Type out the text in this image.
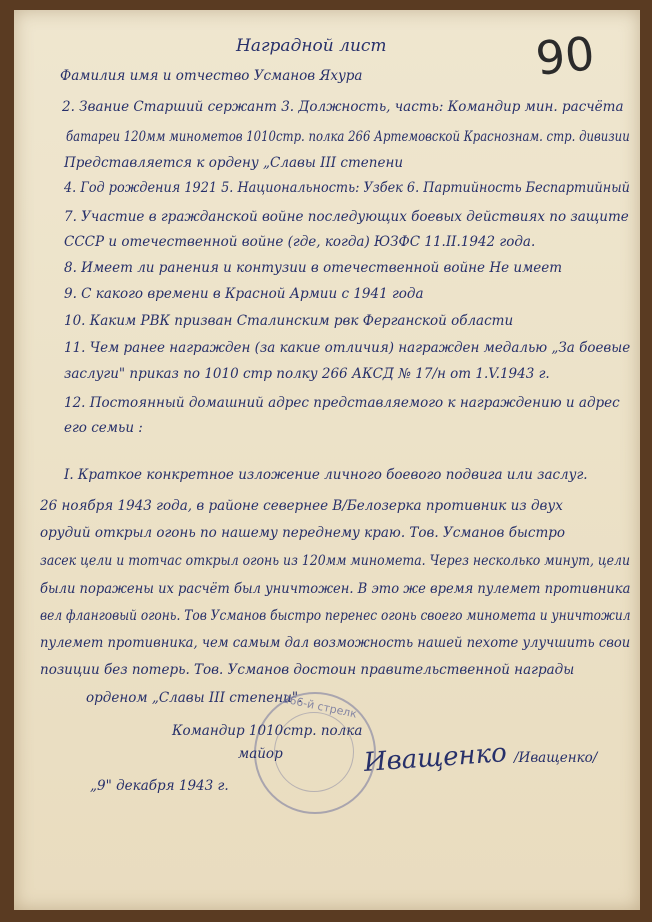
90
Наградной лист
Фамилия имя и отчество Усманов Яхура
2. Звание Старший сержант 3. Должность, часть: Командир мин. расчёта
батареи 120мм минометов 1010стр. полка 266 Артемовской Краснознам. стр. дивизии
Представляется к ордену „Славы III степени
4. Год рождения 1921 5. Национальность: Узбек 6. Партийность Беспартийный
7. Участие в гражданской войне последующих боевых действиях по защите
СССР и отечественной войне (где, когда) ЮЗФС 11.II.1942 года.
8. Имеет ли ранения и контузии в отечественной войне Не имеет
9. С какого времени в Красной Армии с 1941 года
10. Каким РВК призван Сталинским рвк Ферганской области
11. Чем ранее награжден (за какие отличия) награжден медалью „За боевые
заслуги" приказ по 1010 стр полку 266 АКСД № 17/н от 1.V.1943 г.
12. Постоянный домашний адрес представляемого к награждению и адрес
его семьи :
I. Краткое конкретное изложение личного боевого подвига или заслуг.
26 ноября 1943 года, в районе севернее В/Белозерка противник из двух
орудий открыл огонь по нашему переднему краю. Тов. Усманов быстро
засек цели и тотчас открыл огонь из 120мм миномета. Через несколько минут, цели
были поражены их расчёт был уничтожен. В это же время пулемет противника
вел фланговый огонь. Тов Усманов быстро перенес огонь своего миномета и уничтожил
пулемет противника, чем самым дал возможность нашей пехоте улучшить свои
позиции без потерь. Тов. Усманов достоин правительственной награды
орденом „Славы III степени".
266-й стрелк
Командир 1010стр. полка
майор	Иващенко /Иващенко/
„9" декабря 1943 г.
